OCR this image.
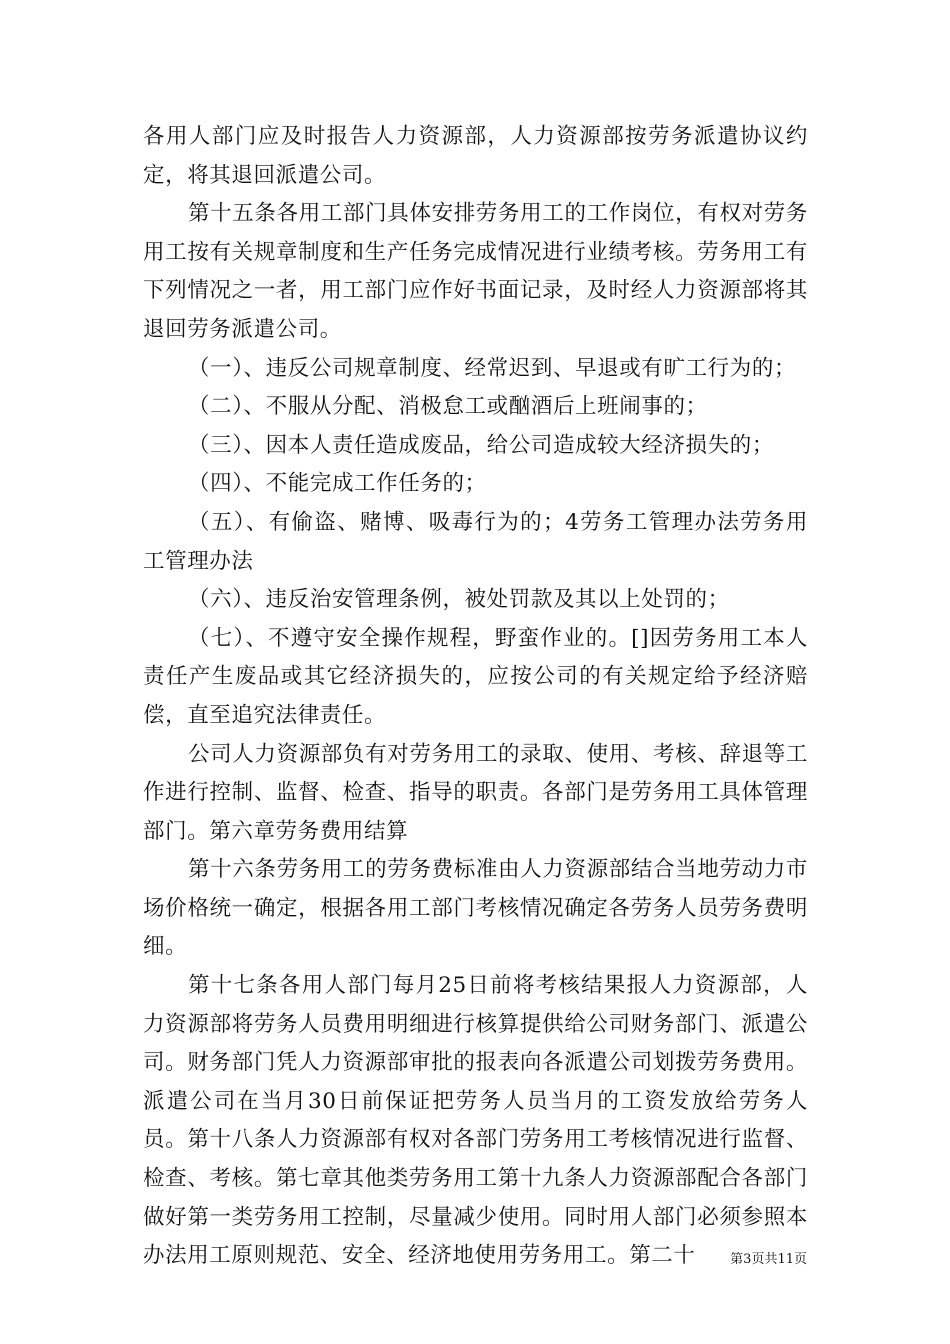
各用人部门应及时报告人力资源部，人力资源部按劳务派遣协议约定，将其退回派遣公司。

第十五条各用工部门具体安排劳务用工的工作岗位，有权对劳务用工按有关规章制度和生产任务完成情况进行业绩考核。劳务用工有下列情况之一者，用工部门应作好书面记录，及时经人力资源部将其退回劳务派遣公司。

（一）、违反公司规章制度、经常迟到、早退或有旷工行为的；

（二）、不服从分配、消极怠工或酗酒后上班闹事的；

（三）、因本人责任造成废品，给公司造成较大经济损失的；

（四）、不能完成工作任务的；

（五）、有偷盗、赌博、吸毒行为的；4劳务工管理办法劳务用工管理办法

（六）、违反治安管理条例，被处罚款及其以上处罚的；

（七）、不遵守安全操作规程，野蛮作业的。[]因劳务用工本人责任产生废品或其它经济损失的，应按公司的有关规定给予经济赔偿，直至追究法律责任。

公司人力资源部负有对劳务用工的录取、使用、考核、辞退等工作进行控制、监督、检查、指导的职责。各部门是劳务用工具体管理部门。第六章劳务费用结算

第十六条劳务用工的劳务费标准由人力资源部结合当地劳动力市场价格统一确定，根据各用工部门考核情况确定各劳务人员劳务费明细。

第十七条各用人部门每月25日前将考核结果报人力资源部，人力资源部将劳务人员费用明细进行核算提供给公司财务部门、派遣公司。财务部门凭人力资源部审批的报表向各派遣公司划拨劳务费用。派遣公司在当月30日前保证把劳务人员当月的工资发放给劳务人员。第十八条人力资源部有权对各部门劳务用工考核情况进行监督、检查、考核。第七章其他类劳务用工第十九条人力资源部配合各部门做好第一类劳务用工控制，尽量减少使用。同时用人部门必须参照本办法用工原则规范、安全、经济地使用劳务用工。第二十	第3页共11页
